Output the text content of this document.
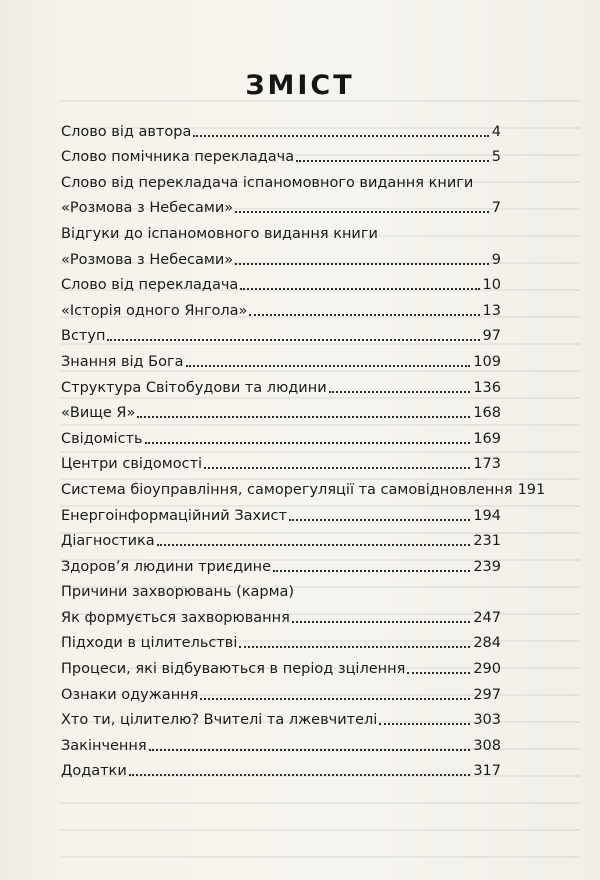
ЗМІСТ
Слово від автора	4
Слово помічника перекладача	5
Слово від перекладача іспаномовного видання книги
«Розмова з Небесами»	7
Відгуки до іспаномовного видання книги
«Розмова з Небесами»	9
Слово від перекладача	10
«Історія одного Янгола»	13
Вступ	97
Знання від Бога	109
Структура Світобудови та людини	136
«Вище Я»	168
Свідомість	169
Центри свідомості	173
Система біоуправління, саморегуляції та самовідновлення 191
Енергоінформаційний Захист	194
Діагностика	231
Здоров’я людини триєдине	239
Причини захворювань (карма)
Як формується захворювання	247
Підходи в цілительстві	284
Процеси, які відбуваються в період зцілення	290
Ознаки одужання	297
Хто ти, цілителю? Вчителі та лжевчителі	303
Закінчення	308
Додатки	317
